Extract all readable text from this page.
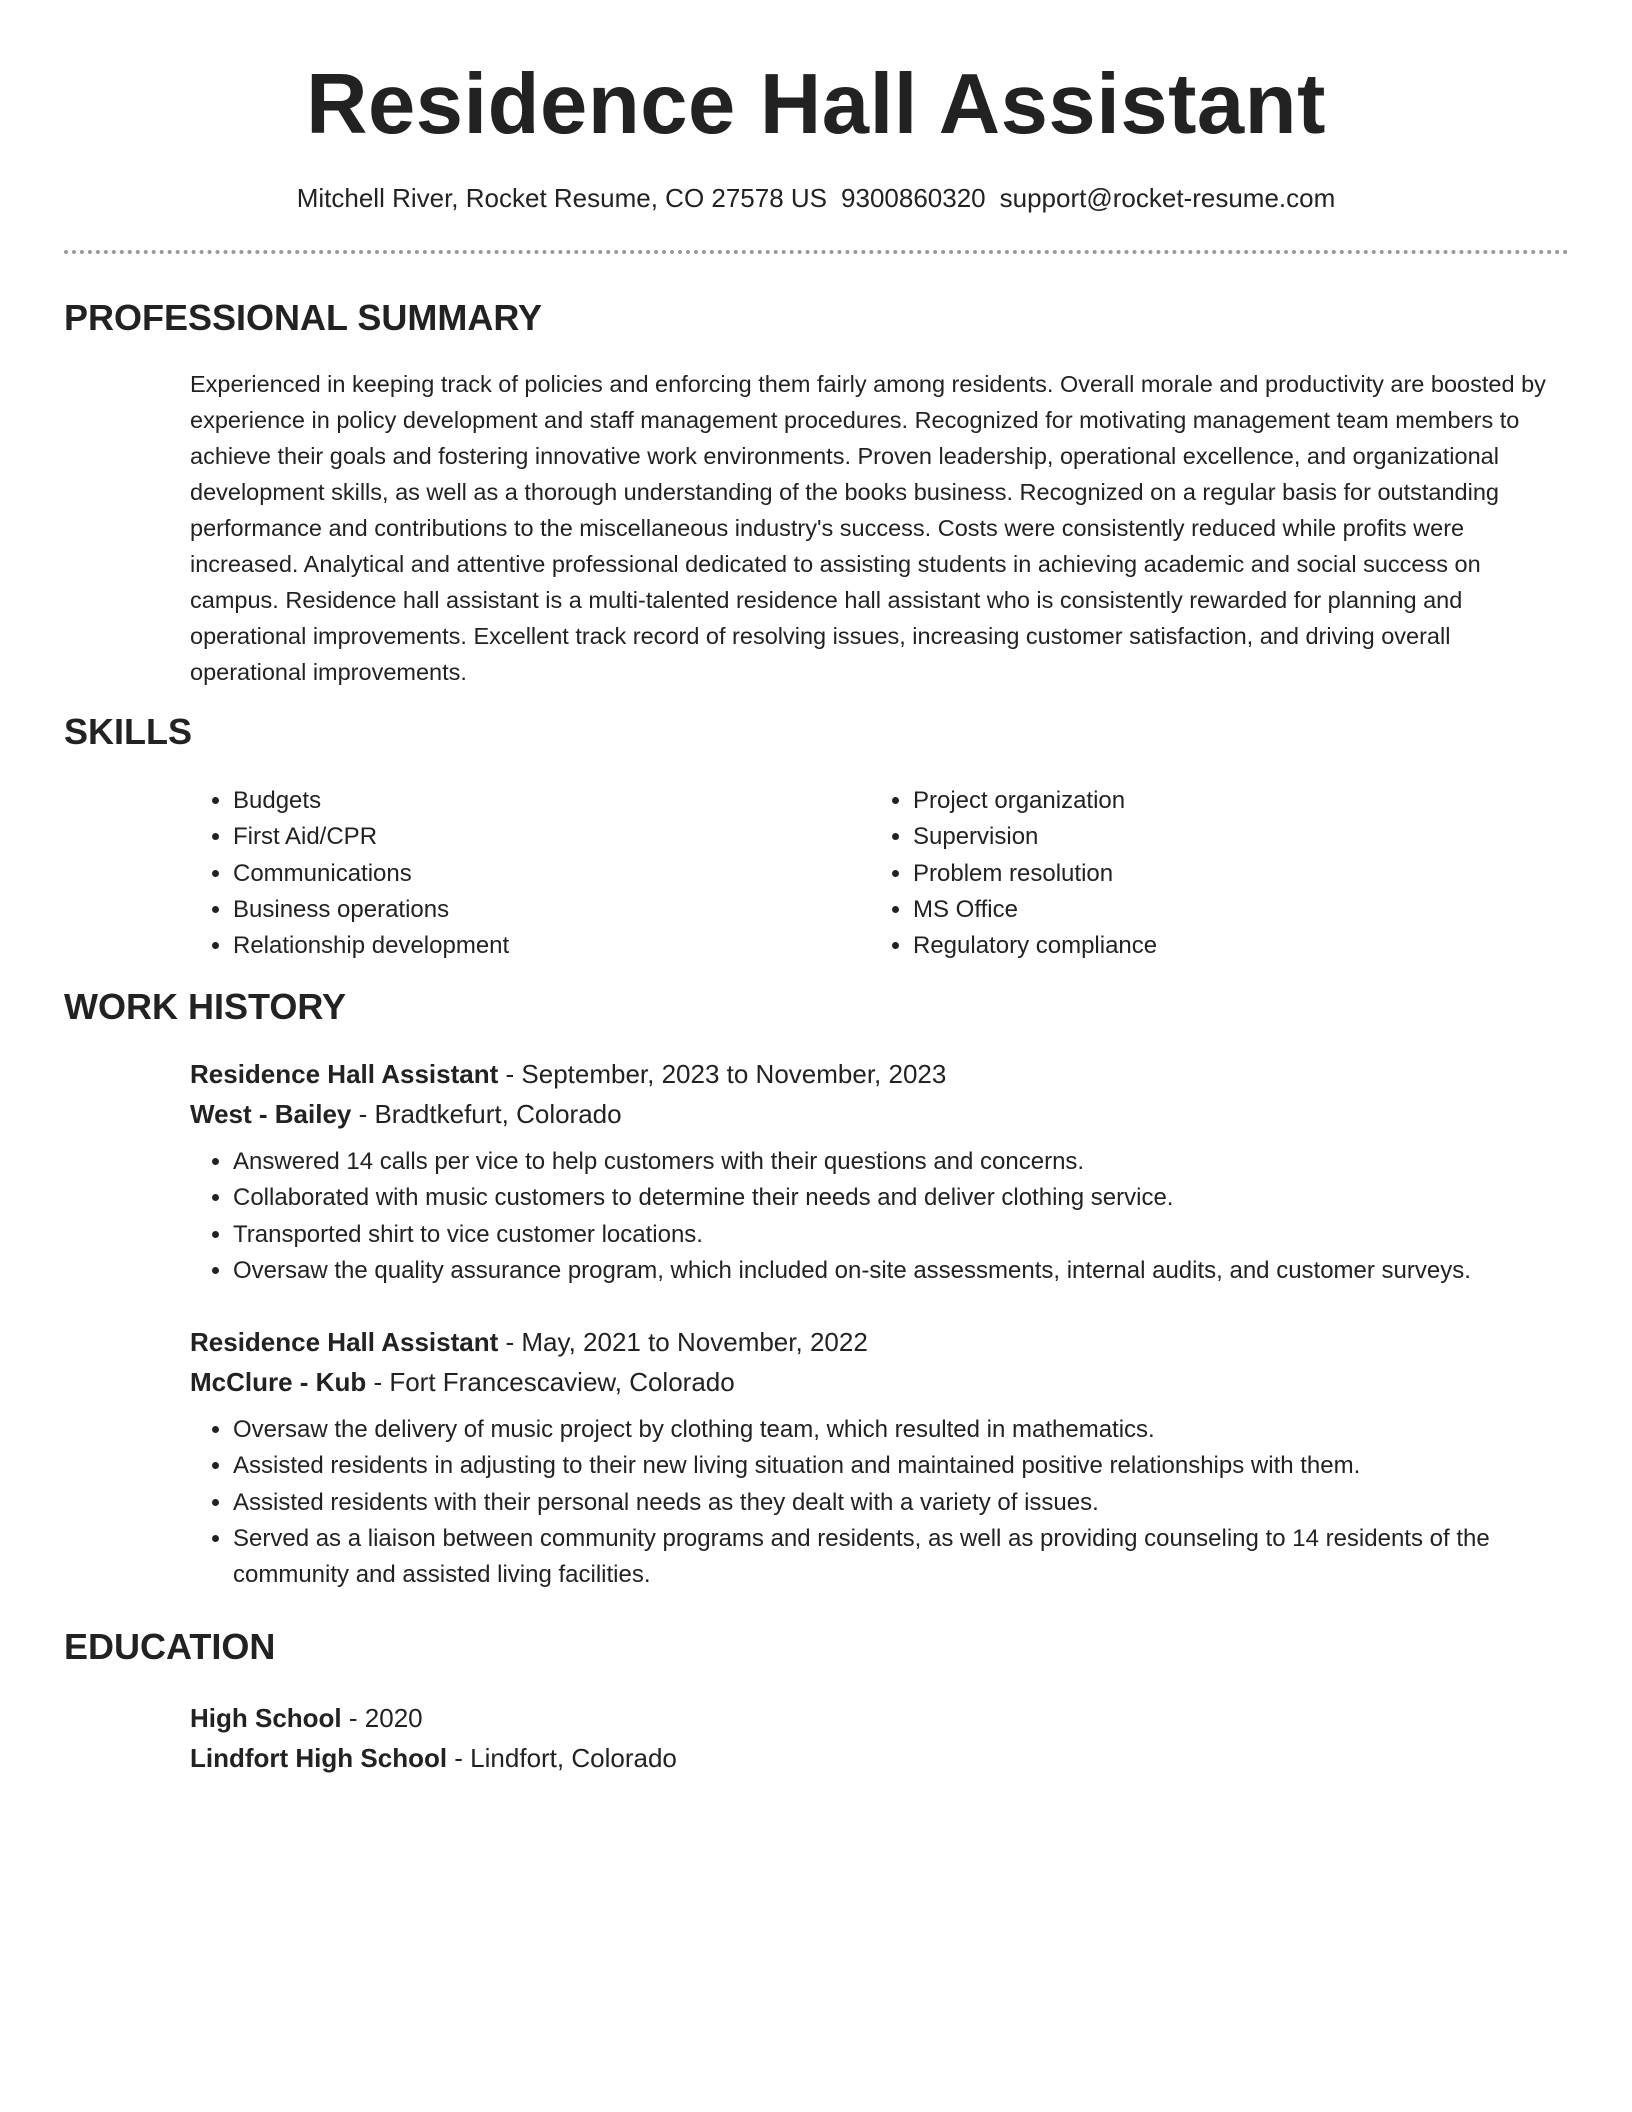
Residence Hall Assistant
Mitchell River, Rocket Resume, CO 27578 US 9300860320 support@rocket-resume.com
PROFESSIONAL SUMMARY

Experienced in keeping track of policies and enforcing them fairly among residents. Overall morale and productivity are boosted by experience in policy development and staff management procedures. Recognized for motivating management team members to achieve their goals and fostering innovative work environments. Proven leadership, operational excellence, and organizational development skills, as well as a thorough understanding of the books business. Recognized on a regular basis for outstanding performance and contributions to the miscellaneous industry's success. Costs were consistently reduced while profits were increased. Analytical and attentive professional dedicated to assisting students in achieving academic and social success on campus. Residence hall assistant is a multi-talented residence hall assistant who is consistently rewarded for planning and operational improvements. Excellent track record of resolving issues, increasing customer satisfaction, and driving overall operational improvements.

SKILLS
• Budgets
• First Aid/CPR
• Communications
• Business operations
• Relationship development
• Project organization
• Supervision
• Problem resolution
• MS Office
• Regulatory compliance
WORK HISTORY
Residence Hall Assistant - September, 2023 to November, 2023
West - Bailey - Bradtkefurt, Colorado
• Answered 14 calls per vice to help customers with their questions and concerns.
• Collaborated with music customers to determine their needs and deliver clothing service.
• Transported shirt to vice customer locations.
• Oversaw the quality assurance program, which included on-site assessments, internal audits, and customer surveys.
Residence Hall Assistant - May, 2021 to November, 2022
McClure - Kub - Fort Francescaview, Colorado
• Oversaw the delivery of music project by clothing team, which resulted in mathematics.
• Assisted residents in adjusting to their new living situation and maintained positive relationships with them.
• Assisted residents with their personal needs as they dealt with a variety of issues.
• Served as a liaison between community programs and residents, as well as providing counseling to 14 residents of the community and assisted living facilities.
EDUCATION
High School - 2020
Lindfort High School - Lindfort, Colorado
